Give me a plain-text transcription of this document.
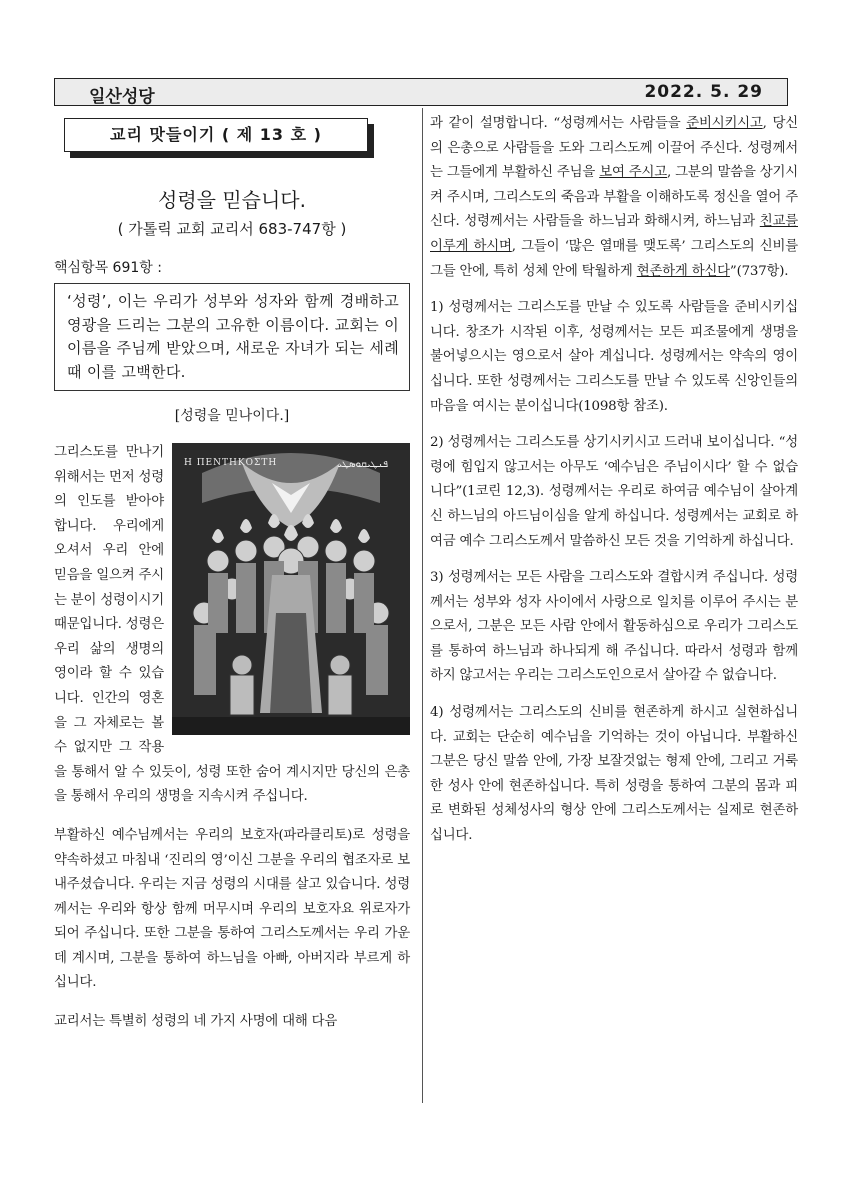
일산성당	2022. 5. 29
교리 맛들이기 ( 제 13 호 )
성령을 믿습니다.
( 가톨릭 교회 교리서 683-747항 )
핵심항목 691항 :
‘성령’, 이는 우리가 성부와 성자와 함께 경배하고 영광을 드리는 그분의 고유한 이름이다. 교회는 이 이름을 주님께 받았으며, 새로운 자녀가 되는 세례 때 이를 고백한다.
[성령을 믿나이다.]
Η ΠΕΝΤΗΚΟΣΤΗ	ܦܢܛܝܩܘܣܛܝ

그리스도를 만나기 위해서는 먼저 성령의 인도를 받아야 합니다. 우리에게 오셔서 우리 안에 믿음을 일으켜 주시는 분이 성령이시기 때문입니다. 성령은 우리 삶의 생명의 영이라 할 수 있습니다. 인간의 영혼을 그 자체로는 볼 수 없지만 그 작용을 통해서 알 수 있듯이, 성령 또한 숨어 계시지만 당신의 은총을 통해서 우리의 생명을 지속시켜 주십니다.

부활하신 예수님께서는 우리의 보호자(파라클리토)로 성령을 약속하셨고 마침내 ‘진리의 영’이신 그분을 우리의 협조자로 보내주셨습니다. 우리는 지금 성령의 시대를 살고 있습니다. 성령께서는 우리와 항상 함께 머무시며 우리의 보호자요 위로자가 되어 주십니다. 또한 그분을 통하여 그리스도께서는 우리 가운데 계시며, 그분을 통하여 하느님을 아빠, 아버지라 부르게 하십니다.

교리서는 특별히 성령의 네 가지 사명에 대해 다음

과 같이 설명합니다. “성령께서는 사람들을 준비시키시고, 당신의 은총으로 사람들을 도와 그리스도께 이끌어 주신다. 성령께서는 그들에게 부활하신 주님을 보여 주시고, 그분의 말씀을 상기시켜 주시며, 그리스도의 죽음과 부활을 이해하도록 정신을 열어 주신다. 성령께서는 사람들을 하느님과 화해시켜, 하느님과 친교를 이루게 하시며, 그들이 ‘많은 열매를 맺도록’ 그리스도의 신비를 그들 안에, 특히 성체 안에 탁월하게 현존하게 하신다”(737항).

1) 성령께서는 그리스도를 만날 수 있도록 사람들을 준비시키십니다. 창조가 시작된 이후, 성령께서는 모든 피조물에게 생명을 불어넣으시는 영으로서 살아 계십니다. 성령께서는 약속의 영이십니다. 또한 성령께서는 그리스도를 만날 수 있도록 신앙인들의 마음을 여시는 분이십니다(1098항 참조).

2) 성령께서는 그리스도를 상기시키시고 드러내 보이십니다. “성령에 힘입지 않고서는 아무도 ‘예수님은 주님이시다’ 할 수 없습니다”(1코린 12,3). 성령께서는 우리로 하여금 예수님이 살아계신 하느님의 아드님이심을 알게 하십니다. 성령께서는 교회로 하여금 예수 그리스도께서 말씀하신 모든 것을 기억하게 하십니다.

3) 성령께서는 모든 사람을 그리스도와 결합시켜 주십니다. 성령께서는 성부와 성자 사이에서 사랑으로 일치를 이루어 주시는 분으로서, 그분은 모든 사람 안에서 활동하심으로 우리가 그리스도를 통하여 하느님과 하나되게 해 주십니다. 따라서 성령과 함께 하지 않고서는 우리는 그리스도인으로서 살아갈 수 없습니다.

4) 성령께서는 그리스도의 신비를 현존하게 하시고 실현하십니다. 교회는 단순히 예수님을 기억하는 것이 아닙니다. 부활하신 그분은 당신 말씀 안에, 가장 보잘것없는 형제 안에, 그리고 거룩한 성사 안에 현존하십니다. 특히 성령을 통하여 그분의 몸과 피로 변화된 성체성사의 형상 안에 그리스도께서는 실제로 현존하십니다.
